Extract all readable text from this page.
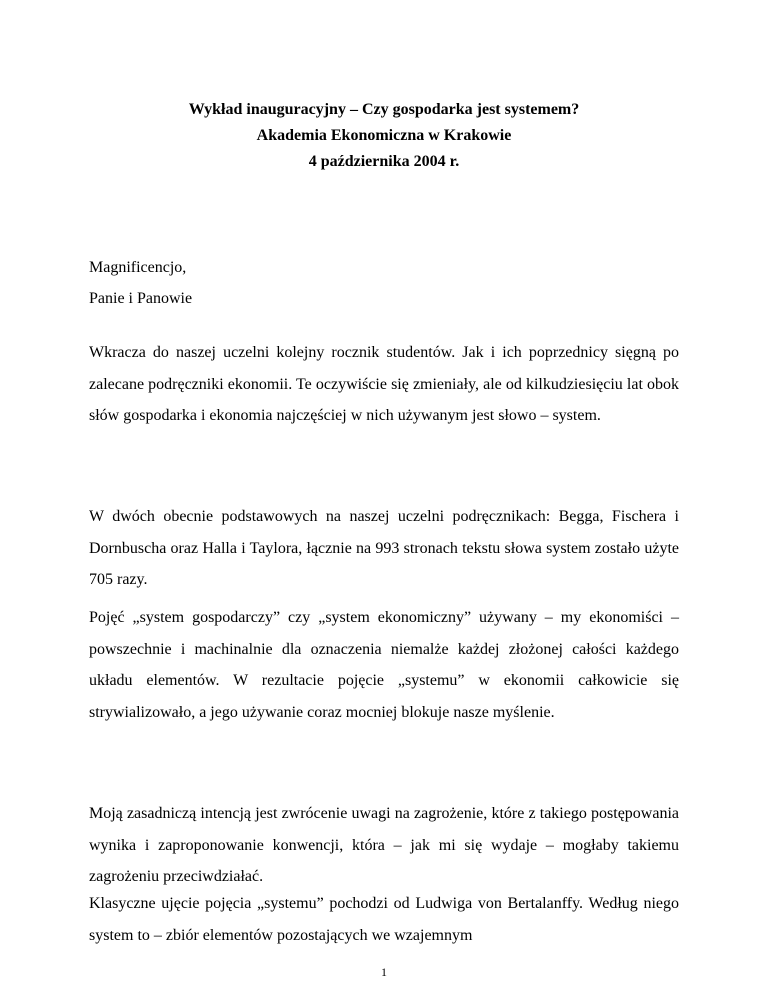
Wykład inauguracyjny – Czy gospodarka jest systemem?
Akademia Ekonomiczna w Krakowie
4 października 2004 r.
Magnificencjo,
Panie i Panowie

Wkracza do naszej uczelni kolejny rocznik studentów. Jak i ich poprzednicy sięgną po zalecane podręczniki ekonomii. Te oczywiście się zmieniały, ale od kilkudziesięciu lat obok słów gospodarka i ekonomia najczęściej w nich używanym jest słowo – system.

W dwóch obecnie podstawowych na naszej uczelni podręcznikach: Begga, Fischera i Dornbuscha oraz Halla i Taylora, łącznie na 993 stronach tekstu słowa system zostało użyte 705 razy.

Pojęć „system gospodarczy” czy „system ekonomiczny” używany – my ekonomiści – powszechnie i machinalnie dla oznaczenia niemalże każdej złożonej całości każdego układu elementów. W rezultacie pojęcie „systemu” w ekonomii całkowicie się strywializowało, a jego używanie coraz mocniej blokuje nasze myślenie.

Moją zasadniczą intencją jest zwrócenie uwagi na zagrożenie, które z takiego postępowania wynika i zaproponowanie konwencji, która – jak mi się wydaje – mogłaby takiemu zagrożeniu przeciwdziałać.

Klasyczne ujęcie pojęcia „systemu” pochodzi od Ludwiga von Bertalanffy. Według niego system to – zbiór elementów pozostających we wzajemnym

1
